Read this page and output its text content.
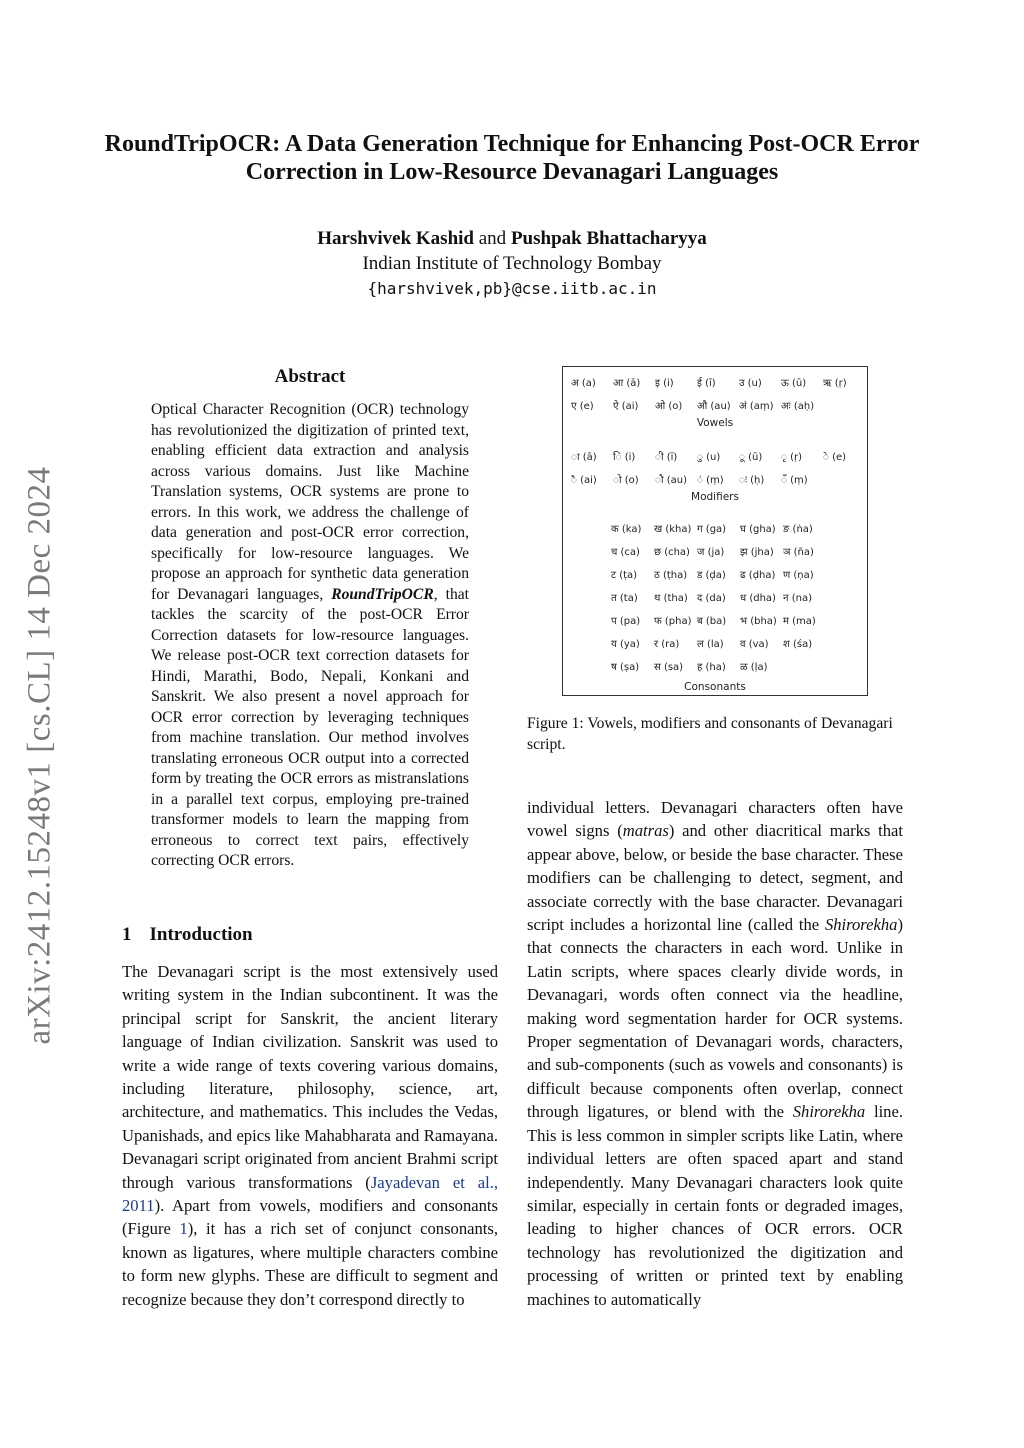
arXiv:2412.15248v1 [cs.CL] 14 Dec 2024
RoundTripOCR: A Data Generation Technique for Enhancing Post-OCR Error Correction in Low-Resource Devanagari Languages
Harshvivek Kashid and Pushpak Bhattacharyya
Indian Institute of Technology Bombay
{harshvivek,pb}@cse.iitb.ac.in
Abstract
Optical Character Recognition (OCR) technology has revolutionized the digitization of printed text, enabling efficient data extraction and analysis across various domains. Just like Machine Translation systems, OCR systems are prone to errors. In this work, we address the challenge of data generation and post-OCR error correction, specifically for low-resource languages. We propose an approach for synthetic data generation for Devanagari languages, RoundTripOCR, that tackles the scarcity of the post-OCR Error Correction datasets for low-resource languages. We release post-OCR text correction datasets for Hindi, Marathi, Bodo, Nepali, Konkani and Sanskrit. We also present a novel approach for OCR error correction by leveraging techniques from machine translation. Our method involves translating erroneous OCR output into a corrected form by treating the OCR errors as mistranslations in a parallel text corpus, employing pre-trained transformer models to learn the mapping from erroneous to correct text pairs, effectively correcting OCR errors.
1 Introduction
The Devanagari script is the most extensively used writing system in the Indian subcontinent. It was the principal script for Sanskrit, the ancient literary language of Indian civilization. Sanskrit was used to write a wide range of texts covering various domains, including literature, philosophy, science, art, architecture, and mathematics. This includes the Vedas, Upanishads, and epics like Mahabharata and Ramayana. Devanagari script originated from ancient Brahmi script through various transformations (Jayadevan et al., 2011). Apart from vowels, modifiers and consonants (Figure 1), it has a rich set of conjunct consonants, known as ligatures, where multiple characters combine to form new glyphs. These are difficult to segment and recognize because they don’t correspond directly to
अ (a) आ (ā) इ (i) ई (ī) उ (u) ऊ (ū) ऋ (ṛ)
ए (e) ऐ (ai) ओ (o) औ (au) अं (aṃ) अः (aḥ)
Vowels
ा (ā) ि (i) ी (ī) ु (u) ू (ū) ृ (ṛ) े (e)
ै (ai) ो (o) ौ (au) ं (ṃ) ः (ḥ) ँ (ṃ)
Modifiers
क (ka) ख (kha) ग (ga) घ (gha) ङ (ṅa)
च (ca) छ (cha) ज (ja) झ (jha) ञ (ña)
ट (ṭa) ठ (ṭha) ड (ḍa) ढ (ḍha) ण (ṇa)
त (ta) थ (tha) द (da) ध (dha) न (na)
प (pa) फ (pha) ब (ba) भ (bha) म (ma)
य (ya) र (ra) ल (la) व (va) श (śa)
ष (ṣa) स (sa) ह (ha) ळ (ḷa)
Consonants
Figure 1: Vowels, modifiers and consonants of Devanagari script.
individual letters. Devanagari characters often have vowel signs (matras) and other diacritical marks that appear above, below, or beside the base character. These modifiers can be challenging to detect, segment, and associate correctly with the base character. Devanagari script includes a horizontal line (called the Shirorekha) that connects the characters in each word. Unlike in Latin scripts, where spaces clearly divide words, in Devanagari, words often connect via the headline, making word segmentation harder for OCR systems. Proper segmentation of Devanagari words, characters, and sub-components (such as vowels and consonants) is difficult because components often overlap, connect through ligatures, or blend with the Shirorekha line. This is less common in simpler scripts like Latin, where individual letters are often spaced apart and stand independently. Many Devanagari characters look quite similar, especially in certain fonts or degraded images, leading to higher chances of OCR errors. OCR technology has revolutionized the digitization and processing of written or printed text by enabling machines to automatically
